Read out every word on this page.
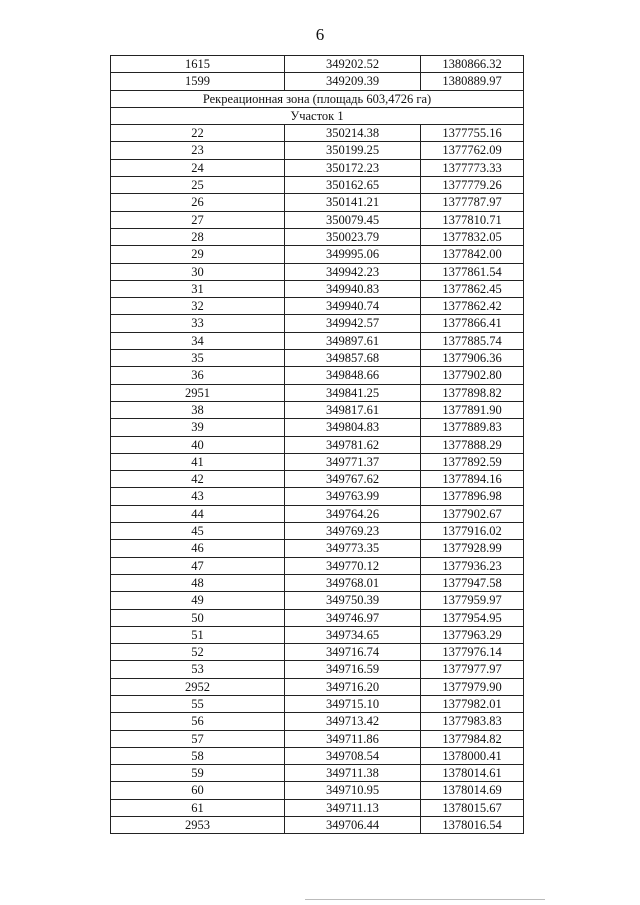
6
1615	349202.52	1380866.32
1599	349209.39	1380889.97
Рекреационная зона (площадь 603,4726 га)		
Участок 1		
22	350214.38	1377755.16
23	350199.25	1377762.09
24	350172.23	1377773.33
25	350162.65	1377779.26
26	350141.21	1377787.97
27	350079.45	1377810.71
28	350023.79	1377832.05
29	349995.06	1377842.00
30	349942.23	1377861.54
31	349940.83	1377862.45
32	349940.74	1377862.42
33	349942.57	1377866.41
34	349897.61	1377885.74
35	349857.68	1377906.36
36	349848.66	1377902.80
2951	349841.25	1377898.82
38	349817.61	1377891.90
39	349804.83	1377889.83
40	349781.62	1377888.29
41	349771.37	1377892.59
42	349767.62	1377894.16
43	349763.99	1377896.98
44	349764.26	1377902.67
45	349769.23	1377916.02
46	349773.35	1377928.99
47	349770.12	1377936.23
48	349768.01	1377947.58
49	349750.39	1377959.97
50	349746.97	1377954.95
51	349734.65	1377963.29
52	349716.74	1377976.14
53	349716.59	1377977.97
2952	349716.20	1377979.90
55	349715.10	1377982.01
56	349713.42	1377983.83
57	349711.86	1377984.82
58	349708.54	1378000.41
59	349711.38	1378014.61
60	349710.95	1378014.69
61	349711.13	1378015.67
2953	349706.44	1378016.54
